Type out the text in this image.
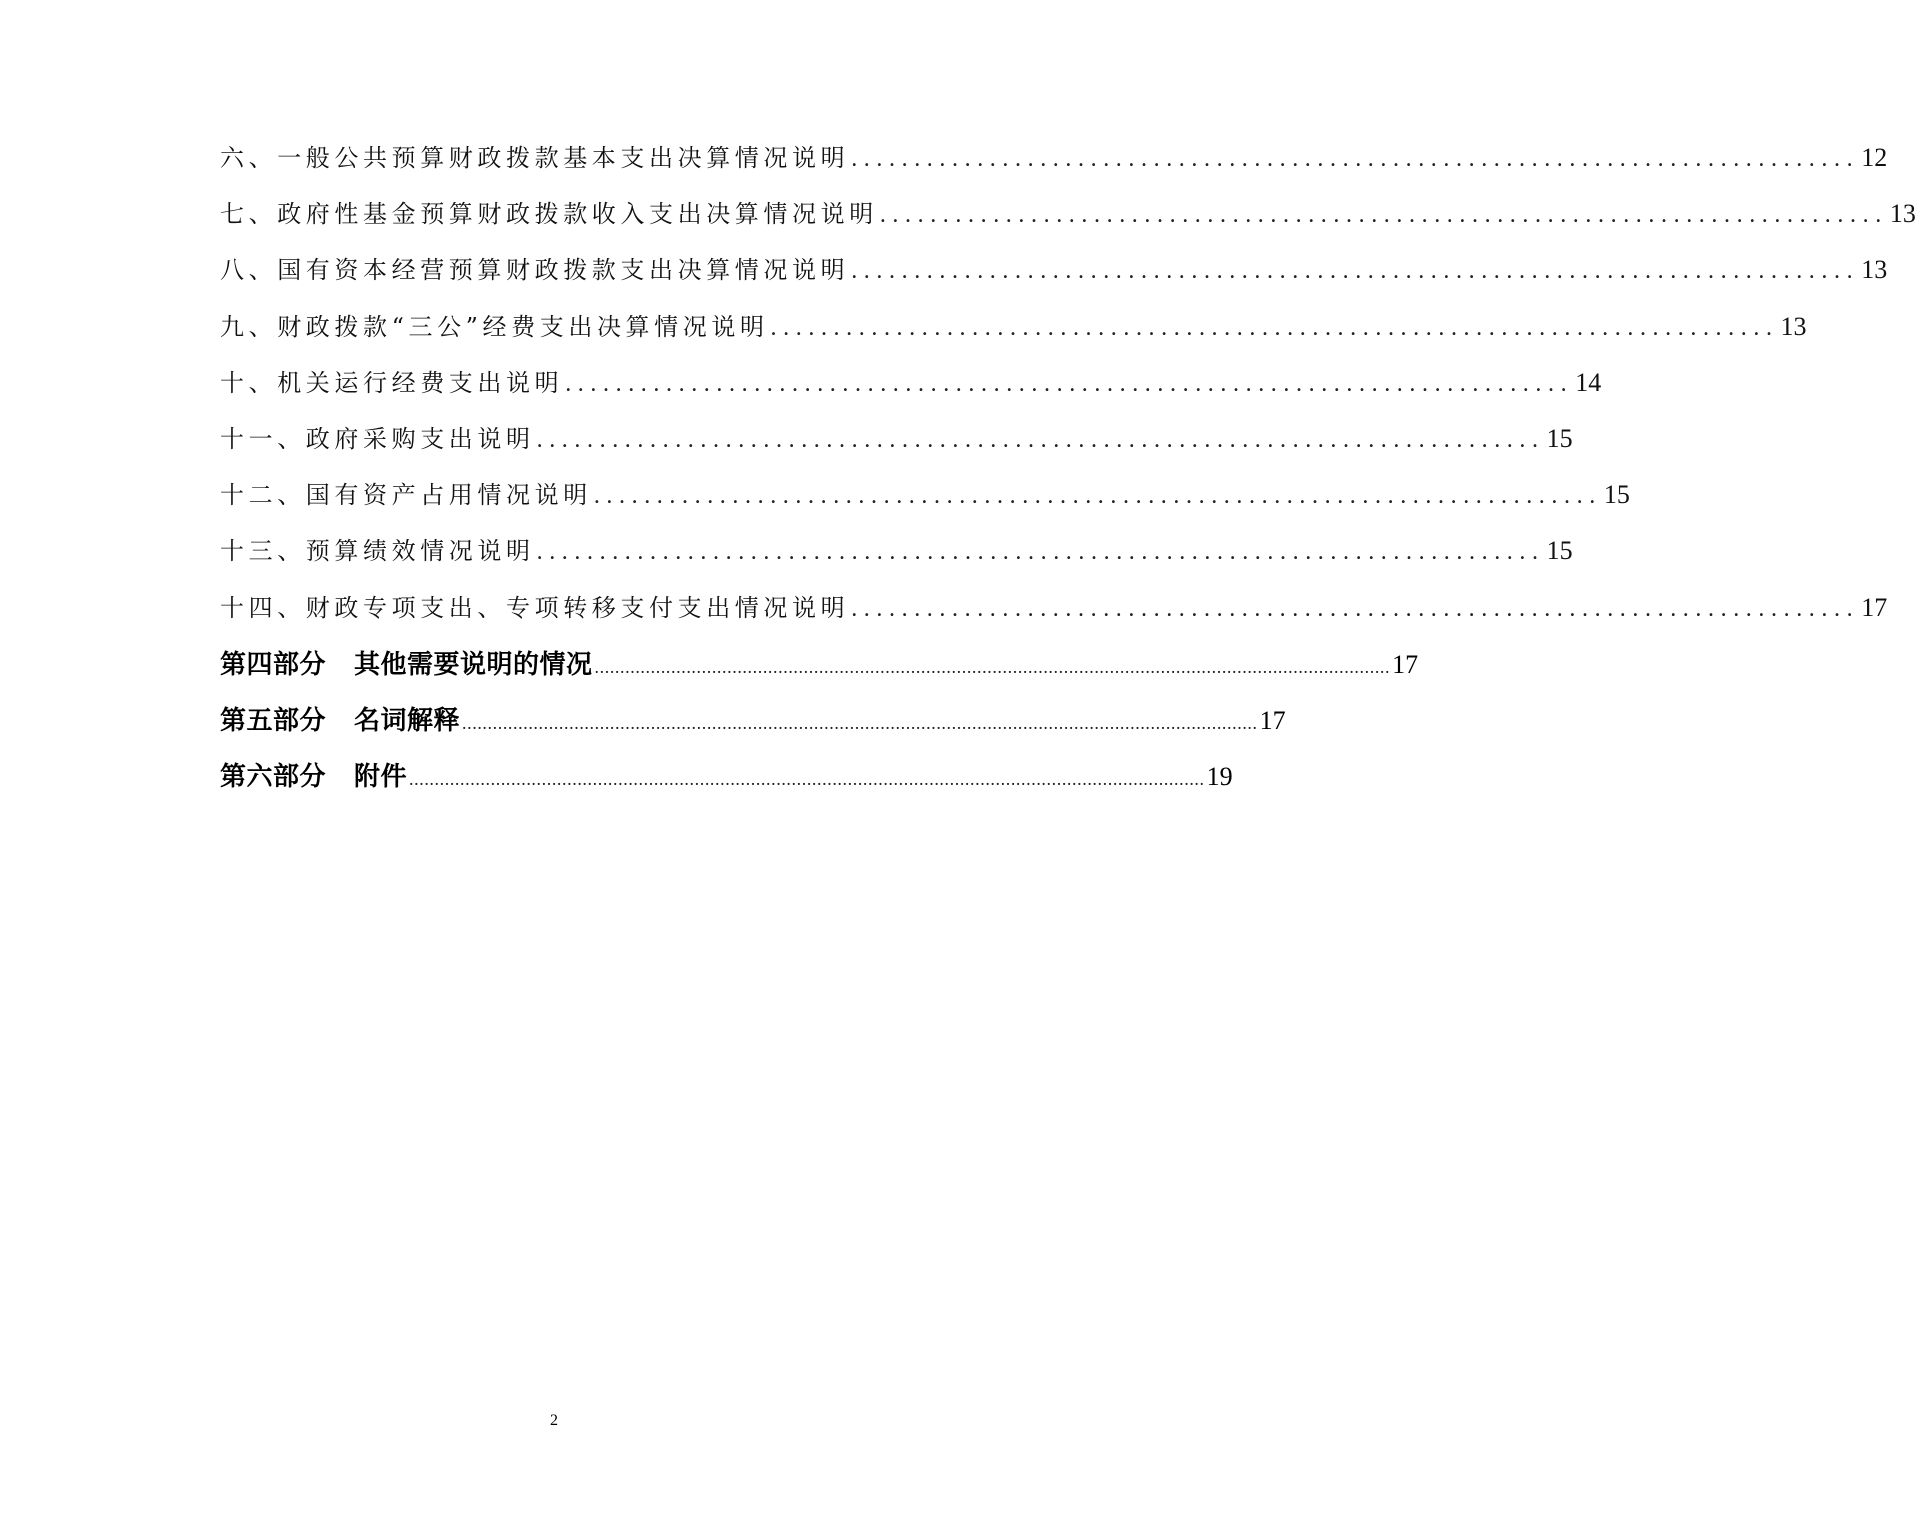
六、一般公共预算财政拨款基本支出决算情况说明 ................................................................................ 12
七、政府性基金预算财政拨款收入支出决算情况说明 ................................................................................ 13
八、国有资本经营预算财政拨款支出决算情况说明 ................................................................................ 13
九、财政拨款“三公”经费支出决算情况说明 ................................................................................ 13
十、机关运行经费支出说明 ................................................................................ 14
十一、政府采购支出说明 ................................................................................ 15
十二、国有资产占用情况说明 ................................................................................ 15
十三、预算绩效情况说明 ................................................................................ 15
十四、财政专项支出、专项转移支付支出情况说明 ................................................................................ 17
第四部分 其他需要说明的情况 ............................................................................................................................................................ 17
第五部分 名词解释 ............................................................................................................................................................ 17
第六部分 附件 ............................................................................................................................................................ 19
2
